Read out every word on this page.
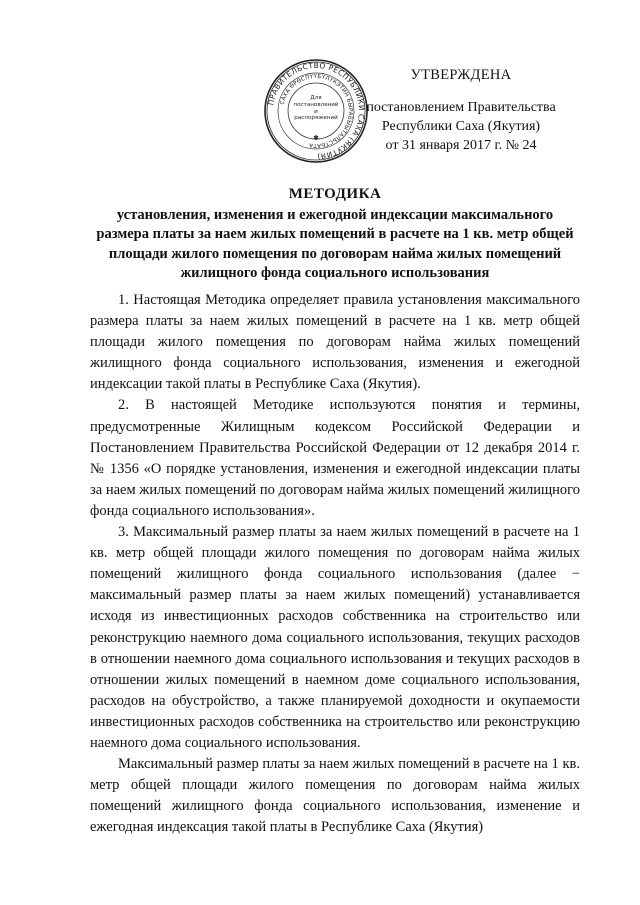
ПРАВИТЕЛЬСТВО РЕСПУБЛИКИ САХА (ЯКУТИЯ)
САХА ӨРӨСПҮҮБҮЛҮКЭТИН БЫРАБЫЫТАЛЬСТБАТА
Для постановлений и распоряжений
✱
УТВЕРЖДЕНА
постановлением Правительства
Республики Саха (Якутия)
от 31 января 2017 г. № 24
МЕТОДИКА
установления, изменения и ежегодной индексации максимального размера платы за наем жилых помещений в расчете на 1 кв. метр общей площади жилого помещения по договорам найма жилых помещений жилищного фонда социального использования

1. Настоящая Методика определяет правила установления максимального размера платы за наем жилых помещений в расчете на 1 кв. метр общей площади жилого помещения по договорам найма жилых помещений жилищного фонда социального использования, изменения и ежегодной индексации такой платы в Республике Саха (Якутия).

2. В настоящей Методике используются понятия и термины, предусмотренные Жилищным кодексом Российской Федерации и Постановлением Правительства Российской Федерации от 12 декабря 2014 г. № 1356 «О порядке установления, изменения и ежегодной индексации платы за наем жилых помещений по договорам найма жилых помещений жилищного фонда социального использования».

3. Максимальный размер платы за наем жилых помещений в расчете на 1 кв. метр общей площади жилого помещения по договорам найма жилых помещений жилищного фонда социального использования (далее − максимальный размер платы за наем жилых помещений) устанавливается исходя из инвестиционных расходов собственника на строительство или реконструкцию наемного дома социального использования, текущих расходов в отношении наемного дома социального использования и текущих расходов в отношении жилых помещений в наемном доме социального использования, расходов на обустройство, а также планируемой доходности и окупаемости инвестиционных расходов собственника на строительство или реконструкцию наемного дома социального использования.

Максимальный размер платы за наем жилых помещений в расчете на 1 кв. метр общей площади жилого помещения по договорам найма жилых помещений жилищного фонда социального использования, изменение и ежегодная индексация такой платы в Республике Саха (Якутия)
